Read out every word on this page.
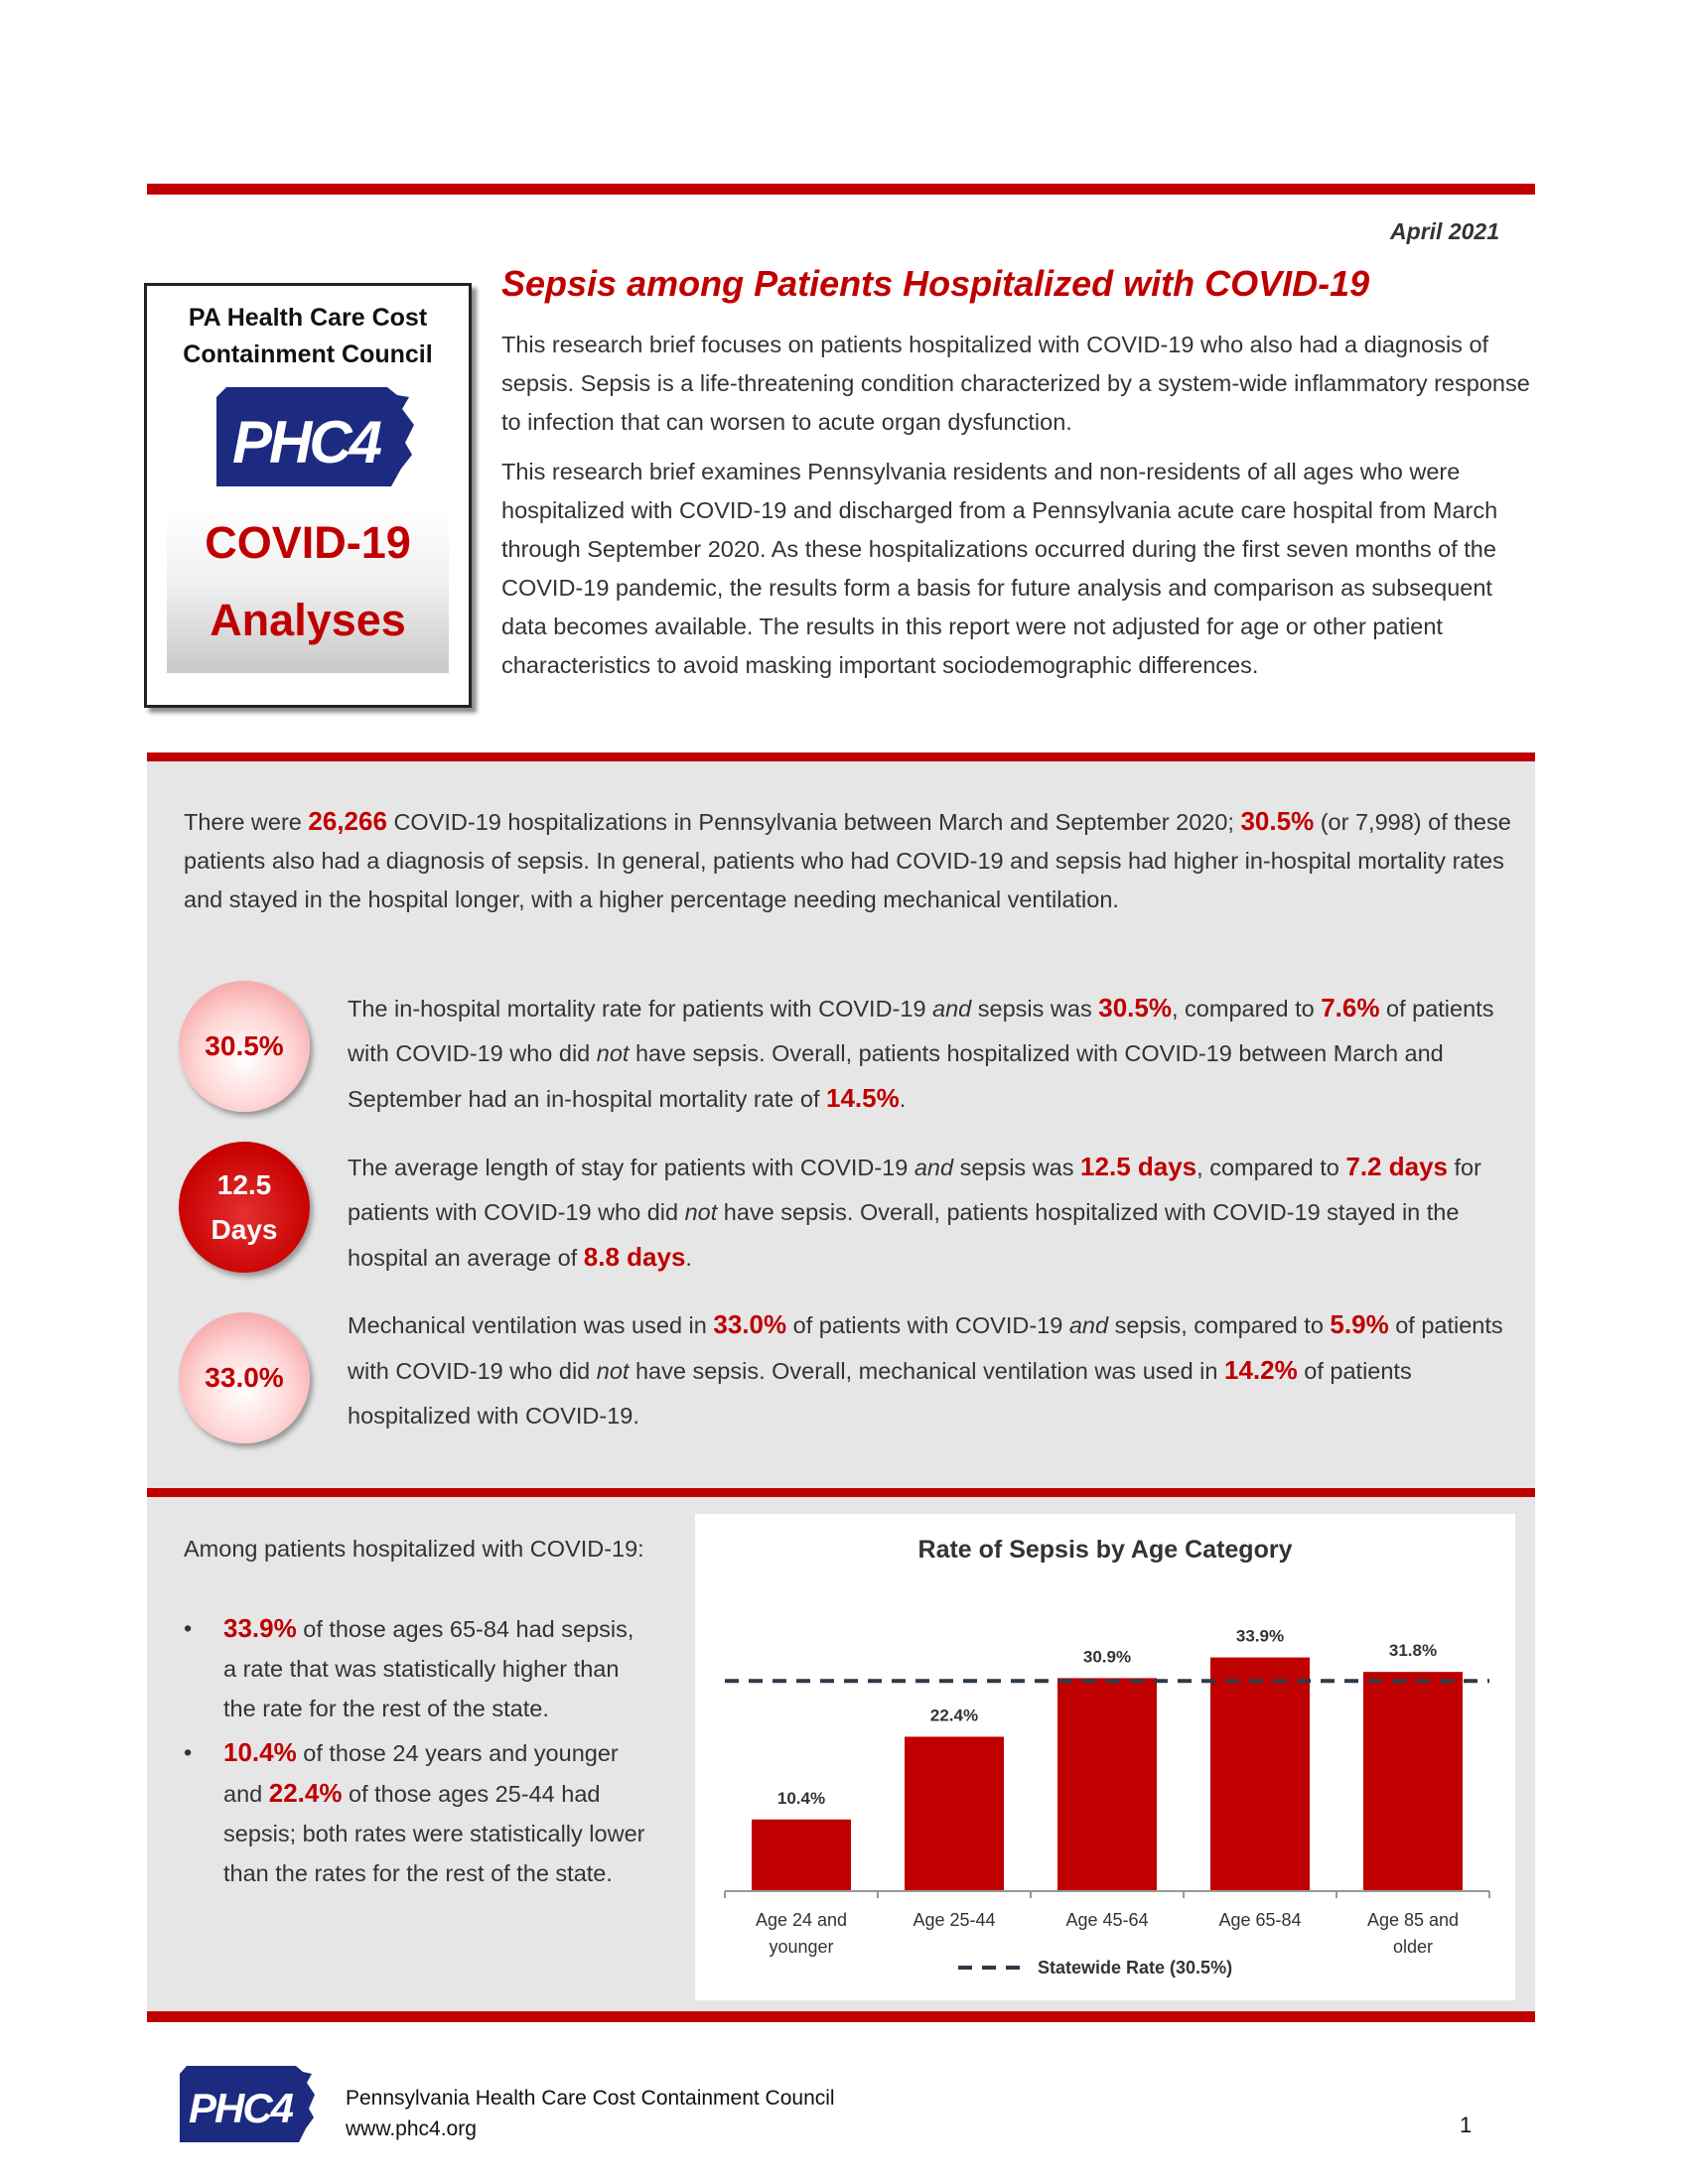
April 2021
PA Health Care Cost Containment Council
PHC4
COVID-19
Analyses
Sepsis among Patients Hospitalized with COVID-19

This research brief focuses on patients hospitalized with COVID-19 who also had a diagnosis of sepsis. Sepsis is a life-threatening condition characterized by a system-wide inflammatory response to infection that can worsen to acute organ dysfunction.

This research brief examines Pennsylvania residents and non-residents of all ages who were hospitalized with COVID-19 and discharged from a Pennsylvania acute care hospital from March through September 2020. As these hospitalizations occurred during the first seven months of the COVID-19 pandemic, the results form a basis for future analysis and comparison as subsequent data becomes available. The results in this report were not adjusted for age or other patient characteristics to avoid masking important sociodemographic differences.

There were 26,266 COVID-19 hospitalizations in Pennsylvania between March and September 2020; 30.5% (or 7,998) of these patients also had a diagnosis of sepsis. In general, patients who had COVID-19 and sepsis had higher in-hospital mortality rates and stayed in the hospital longer, with a higher percentage needing mechanical ventilation.
30.5%
The in-hospital mortality rate for patients with COVID-19 and sepsis was 30.5%, compared to 7.6% of patients with COVID-19 who did not have sepsis. Overall, patients hospitalized with COVID-19 between March and September had an in-hospital mortality rate of 14.5%.
12.5
Days
The average length of stay for patients with COVID-19 and sepsis was 12.5 days, compared to 7.2 days for patients with COVID-19 who did not have sepsis. Overall, patients hospitalized with COVID-19 stayed in the hospital an average of 8.8 days.
33.0%
Mechanical ventilation was used in 33.0% of patients with COVID-19 and sepsis, compared to 5.9% of patients with COVID-19 who did not have sepsis. Overall, mechanical ventilation was used in 14.2% of patients hospitalized with COVID-19.
Among patients hospitalized with COVID-19:
• 33.9% of those ages 65-84 had sepsis, a rate that was statistically higher than the rate for the rest of the state.
• 10.4% of those 24 years and younger and 22.4% of those ages 25-44 had sepsis; both rates were statistically lower than the rates for the rest of the state.
Rate of Sepsis by Age Category
10.4%
Age 24 and
younger
22.4%
Age 25-44
30.9%
Age 45-64
33.9%
Age 65-84
31.8%
Age 85 and
older
Statewide Rate (30.5%)
PHC4	Pennsylvania Health Care Cost Containment Council
www.phc4.org	1
